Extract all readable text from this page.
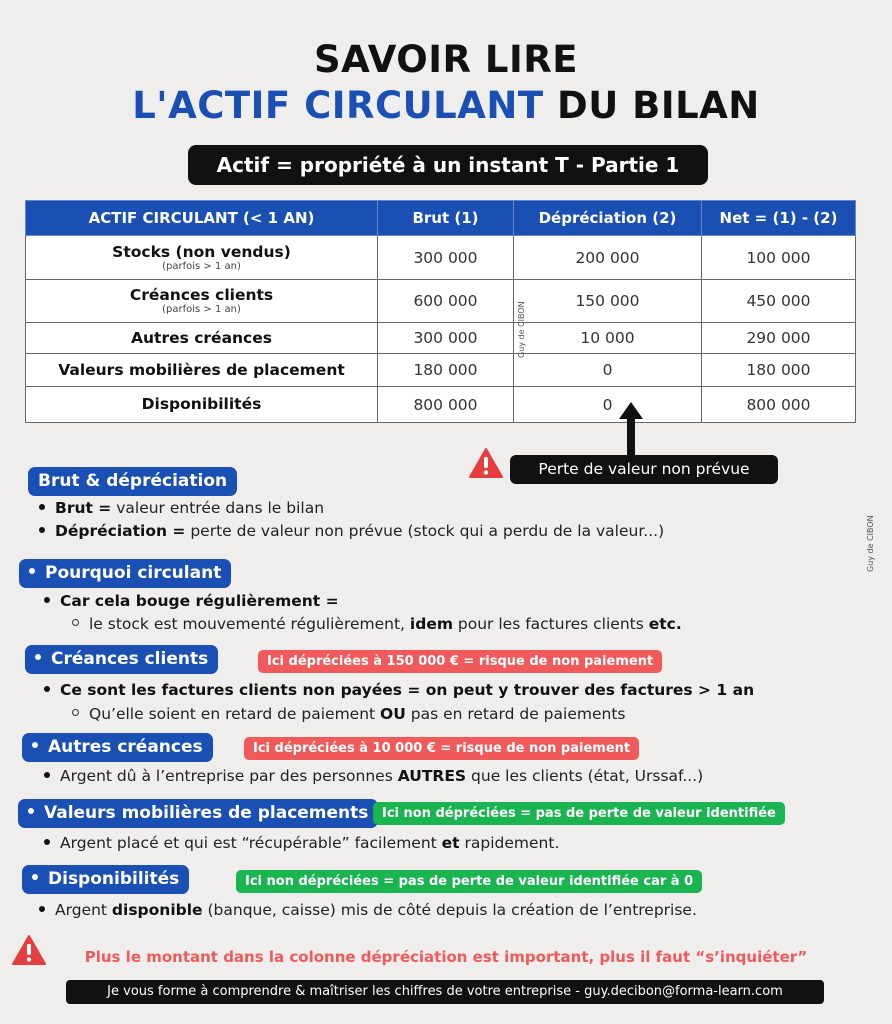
SAVOIR LIRE
L'ACTIF CIRCULANT DU BILAN
Actif = propriété à un instant T - Partie 1
ACTIF CIRCULANT (< 1 AN)	Brut (1)	Dépréciation (2)	Net = (1) - (2)
Stocks (non vendus)
(parfois > 1 an)	300 000	200 000	100 000
Créances clients
(parfois > 1 an)	600 000	150 000	450 000
Autres créances	300 000	10 000	290 000
Valeurs mobilières de placement	180 000	0	180 000
Disponibilités	800 000	0	800 000
Guy de CIBON
Guy de CIBON
Perte de valeur non prévue
Brut & dépréciation
Brut = valeur entrée dans le bilan
Dépréciation = perte de valeur non prévue (stock qui a perdu de la valeur...)
Pourquoi circulant
Car cela bouge régulièrement =
le stock est mouvementé régulièrement, idem pour les factures clients etc.
Créances clients	Ici dépréciées à 150 000 € = risque de non paiement
Ce sont les factures clients non payées = on peut y trouver des factures > 1 an
Qu’elle soient en retard de paiement OU pas en retard de paiements
Autres créances	Ici dépréciées à 10 000 € = risque de non paiement
Argent dû à l’entreprise par des personnes AUTRES que les clients (état, Urssaf...)
Valeurs mobilières de placements	Ici non dépréciées = pas de perte de valeur identifiée
Argent placé et qui est “récupérable” facilement et rapidement.
Disponibilités	Ici non dépréciées = pas de perte de valeur identifiée car à 0
Argent disponible (banque, caisse) mis de côté depuis la création de l’entreprise.
Plus le montant dans la colonne dépréciation est important, plus il faut “s’inquiéter”
Je vous forme à comprendre & maîtriser les chiffres de votre entreprise - guy.decibon@forma-learn.com
